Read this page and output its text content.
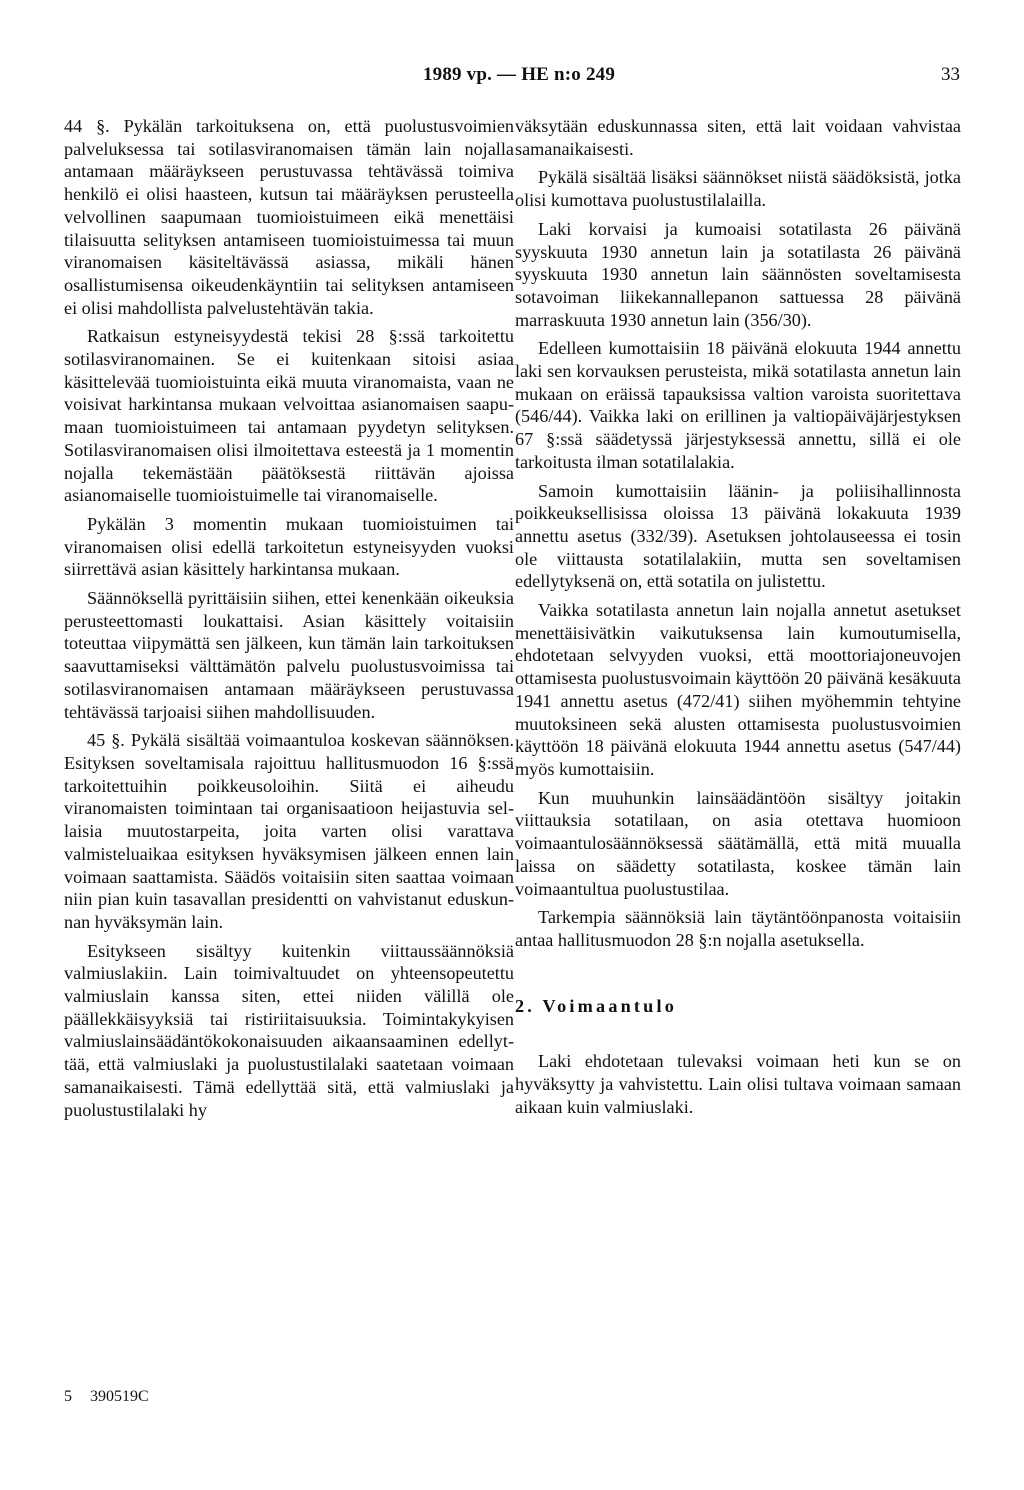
1989 vp. — HE n:o 249	33

44 §. Pykälän tarkoituksena on, että puolustusvoimien palveluksessa tai sotilasviranomaisen tämän lain nojalla antamaan määräykseen perustuvassa tehtävässä toimiva henkilö ei olisi haasteen, kutsun tai määräyksen perusteella velvollinen saapumaan tuomioistuimeen eikä menettäisi tilaisuutta selityksen antamiseen tuomioistuimessa tai muun viranomaisen käsiteltävässä asiassa, mikäli hänen osallistumisensa oikeudenkäyntiin tai selityksen antamiseen ei olisi mahdollista palvelustehtävän takia.

Ratkaisun estyneisyydestä tekisi 28 §:ssä tarkoitettu sotilasviranomainen. Se ei kuitenkaan sitoisi asiaa käsittelevää tuomioistuinta eikä muuta viranomaista, vaan ne voisivat harkintansa mukaan velvoittaa asianomaisen saapumaan tuomioistuimeen tai antamaan pyydetyn selityksen. Sotilasviranomaisen olisi ilmoitettava esteestä ja 1 momentin nojalla tekemästään päätöksestä riittävän ajoissa asianomaiselle tuomioistuimelle tai viranomaiselle.

Pykälän 3 momentin mukaan tuomioistuimen tai viranomaisen olisi edellä tarkoitetun estyneisyyden vuoksi siirrettävä asian käsittely harkintansa mukaan.

Säännöksellä pyrittäisiin siihen, ettei kenenkään oikeuksia perusteettomasti loukattaisi. Asian käsittely voitaisiin toteuttaa viipymättä sen jälkeen, kun tämän lain tarkoituksen saavuttamiseksi välttämätön palvelu puolustusvoimissa tai sotilasviranomaisen antamaan määräykseen perustuvassa tehtävässä tarjoaisi siihen mahdollisuuden.

45 §. Pykälä sisältää voimaantuloa koskevan säännöksen. Esityksen soveltamisala rajoittuu hallitusmuodon 16 §:ssä tarkoitettuihin poikkeusoloihin. Siitä ei aiheudu viranomaisten toimintaan tai organisaatioon heijastuvia sellaisia muutostarpeita, joita varten olisi varattava valmisteluaikaa esityksen hyväksymisen jälkeen ennen lain voimaan saattamista. Säädös voitaisiin siten saattaa voimaan niin pian kuin tasavallan presidentti on vahvistanut eduskunnan hyväksymän lain.

Esitykseen sisältyy kuitenkin viittaussäännöksiä valmiuslakiin. Lain toimivaltuudet on yhteensopeutettu valmiuslain kanssa siten, ettei niiden välillä ole päällekkäisyyksiä tai ristiriitaisuuksia. Toimintakykyisen valmiuslainsäädäntökokonaisuuden aikaansaaminen edellyttää, että valmiuslaki ja puolustustilalaki saatetaan voimaan samanaikaisesti. Tämä edellyttää sitä, että valmiuslaki ja puolustustilalaki hy

väksytään eduskunnassa siten, että lait voidaan vahvistaa samanaikaisesti.

Pykälä sisältää lisäksi säännökset niistä säädöksistä, jotka olisi kumottava puolustustilalailla.

Laki korvaisi ja kumoaisi sotatilasta 26 päivänä syyskuuta 1930 annetun lain ja sotatilasta 26 päivänä syyskuuta 1930 annetun lain säännösten soveltamisesta sotavoiman liikekannallepanon sattuessa 28 päivänä marraskuuta 1930 annetun lain (356/30).

Edelleen kumottaisiin 18 päivänä elokuuta 1944 annettu laki sen korvauksen perusteista, mikä sotatilasta annetun lain mukaan on eräissä tapauksissa valtion varoista suoritettava (546/44). Vaikka laki on erillinen ja valtiopäiväjärjestyksen 67 §:ssä säädetyssä järjestyksessä annettu, sillä ei ole tarkoitusta ilman sotatilalakia.

Samoin kumottaisiin läänin- ja poliisihallinnosta poikkeuksellisissa oloissa 13 päivänä lokakuuta 1939 annettu asetus (332/39). Asetuksen johtolauseessa ei tosin ole viittausta sotatilalakiin, mutta sen soveltamisen edellytyksenä on, että sotatila on julistettu.

Vaikka sotatilasta annetun lain nojalla annetut asetukset menettäisivätkin vaikutuksensa lain kumoutumisella, ehdotetaan selvyyden vuoksi, että moottoriajoneuvojen ottamisesta puolustusvoimain käyttöön 20 päivänä kesäkuuta 1941 annettu asetus (472/41) siihen myöhemmin tehtyine muutoksineen sekä alusten ottamisesta puolustusvoimien käyttöön 18 päivänä elokuuta 1944 annettu asetus (547/44) myös kumottaisiin.

Kun muuhunkin lainsäädäntöön sisältyy joitakin viittauksia sotatilaan, on asia otettava huomioon voimaantulosäännöksessä säätämällä, että mitä muualla laissa on säädetty sotatilasta, koskee tämän lain voimaantultua puolustustilaa.

Tarkempia säännöksiä lain täytäntöönpanosta voitaisiin antaa hallitusmuodon 28 §:n nojalla asetuksella.

2. Voimaantulo

Laki ehdotetaan tulevaksi voimaan heti kun se on hyväksytty ja vahvistettu. Lain olisi tultava voimaan samaan aikaan kuin valmiuslaki.

5 390519C
